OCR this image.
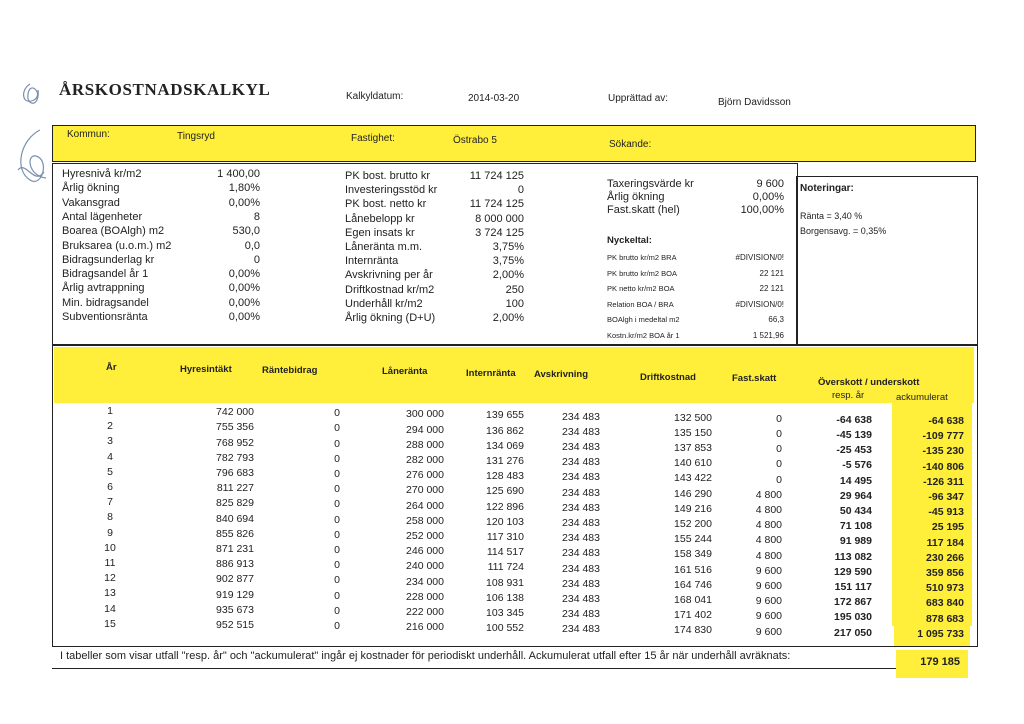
ÅRSKOSTNADSKALKYL	Kalkyldatum:	2014-03-20	Upprättad av:	Björn Davidsson
Kommun:	Tingsryd	Fastighet:	Östrabo 5	Sökande:
Nyckeltal:
Noteringar:
Ränta = 3,40 %
Borgensavg. = 0,35%
År	Hyresintäkt	Räntebidrag	Låneränta	Internränta Avskrivning	Driftkostnad	Fast.skatt	Överskott / underskott
resp. år	ackumulerat
I tabeller som visar utfall "resp. år" och "ackumulerat" ingår ej kostnader för periodiskt underhåll. Ackumulerat utfall efter 15 år när underhåll avräknats:	179 185
Hyresnivå kr/m2	1 400,00
Årlig ökning	1,80%
Vakansgrad	0,00%
Antal lägenheter	8
Boarea (BOAlgh) m2	530,0
Bruksarea (u.o.m.) m2	0,0
Bidragsunderlag kr	0
Bidragsandel år 1	0,00%
Årlig avtrappning	0,00%
Min. bidragsandel	0,00%
Subventionsränta	0,00%
PK bost. brutto kr	11 724 125
Investeringsstöd kr	0
PK bost. netto kr	11 724 125
Lånebelopp kr	8 000 000
Egen insats kr	3 724 125
Låneränta m.m.	3,75%
Internränta	3,75%
Avskrivning per år	2,00%
Driftkostnad kr/m2	250
Underhåll kr/m2	100
Årlig ökning (D+U)	2,00%
Taxeringsvärde kr	9 600
Årlig ökning	0,00%
Fast.skatt (hel)	100,00%
PK brutto kr/m2 BRA	#DIVISION/0!
PK brutto kr/m2 BOA	22 121
PK netto kr/m2 BOA	22 121
Relation BOA / BRA	#DIVISION/0!
BOAlgh i medeltal m2	66,3
Kostn.kr/m2 BOA år 1	1 521,96
1	742 000	0	300 000	139 655	234 483	132 500	0	-64 638	-64 638
2	755 356	0	294 000	136 862	234 483	135 150	0	-45 139	-109 777
3	768 952	0	288 000	134 069	234 483	137 853	0	-25 453	-135 230
4	782 793	0	282 000	131 276	234 483	140 610	0	-5 576	-140 806
5	796 683	0	276 000	128 483	234 483	143 422	0	14 495	-126 311
6	811 227	0	270 000	125 690	234 483	146 290	4 800	29 964	-96 347
7	825 829	0	264 000	122 896	234 483	149 216	4 800	50 434	-45 913
8	840 694	0	258 000	120 103	234 483	152 200	4 800	71 108	25 195
9	855 826	0	252 000	117 310	234 483	155 244	4 800	91 989	117 184
10	871 231	0	246 000	114 517	234 483	158 349	4 800	113 082	230 266
11	886 913	0	240 000	111 724	234 483	161 516	9 600	129 590	359 856
12	902 877	0	234 000	108 931	234 483	164 746	9 600	151 117	510 973
13	919 129	0	228 000	106 138	234 483	168 041	9 600	172 867	683 840
14	935 673	0	222 000	103 345	234 483	171 402	9 600	195 030	878 683
15	952 515	0	216 000	100 552	234 483	174 830	9 600	217 050	1 095 733
